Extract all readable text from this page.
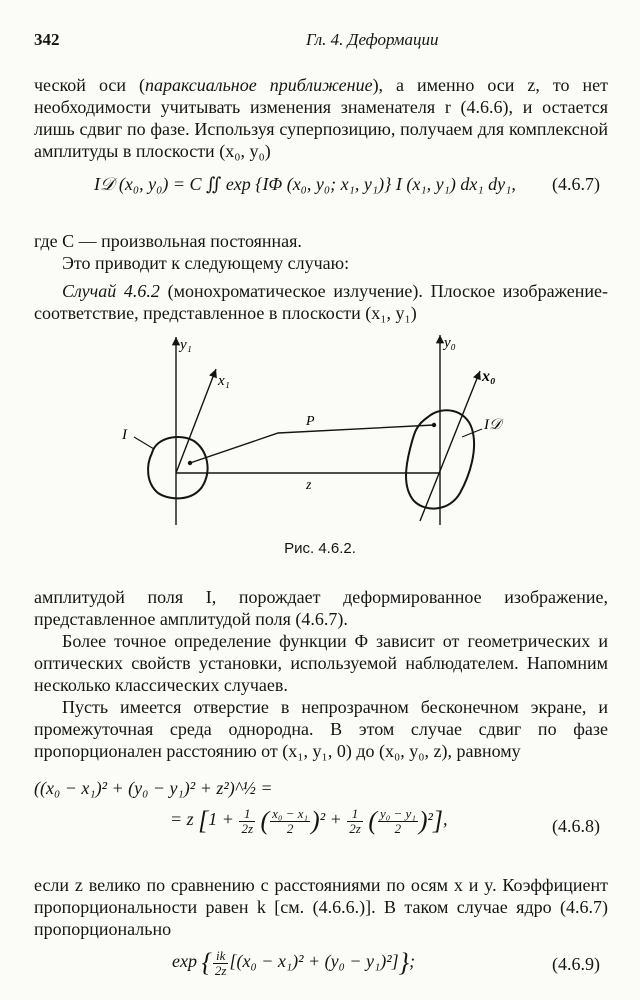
342	Гл. 4. Деформации
ческой оси (параксиальное приближение), а именно оси z, то нет необходимости учитывать изменения знаменателя r (4.6.6), и остается лишь сдвиг по фазе. Используя суперпозицию, получаем для комплексной амплитуды в плоскости (x₀, y₀)
I𝒟 (x₀, y₀) = C ∬ exp {IΦ (x₀, y₀; x₁, y₁)} I (x₁, y₁) dx₁ dy₁, (4.6.7)
где C — произвольная постоянная.
Это приводит к следующему случаю:
Случай 4.6.2 (монохроматическое излучение). Плоское изображение-соответствие, представленное в плоскости (x₁, y₁)
y₁
x₁
y₀
x₀
P
z
I
I𝒟
Рис. 4.6.2.
амплитудой поля I, порождает деформированное изображение, представленное амплитудой поля (4.6.7).
Более точное определение функции Φ зависит от геометрических и оптических свойств установки, используемой наблюдателем. Напомним несколько классических случаев.
Пусть имеется отверстие в непрозрачном бесконечном экране, и промежуточная среда однородна. В этом случае сдвиг по фазе пропорционален расстоянию от (x₁, y₁, 0) до (x₀, y₀, z), равному
((x₀ − x₁)² + (y₀ − y₁)² + z²)^½ =
= z [$1 + \frac{1}{2z}$ ( $\frac{\text{x₀ − x₁}}{2} )^2 + \frac{1}{2z}$ ( $\frac{\text{y₀ − y₁}}{2} )^2$],	(4.6.8)
если z велико по сравнению с расстояниями по осям x и y. Коэффициент пропорциональности равен k [см. (4.6.6.)]. В таком случае ядро (4.6.7) пропорционально
exp { $\frac{ik}{2z} [(x_0 - x_1)^2 + (y_0 - y_1)^2]$};	(4.6.9)
